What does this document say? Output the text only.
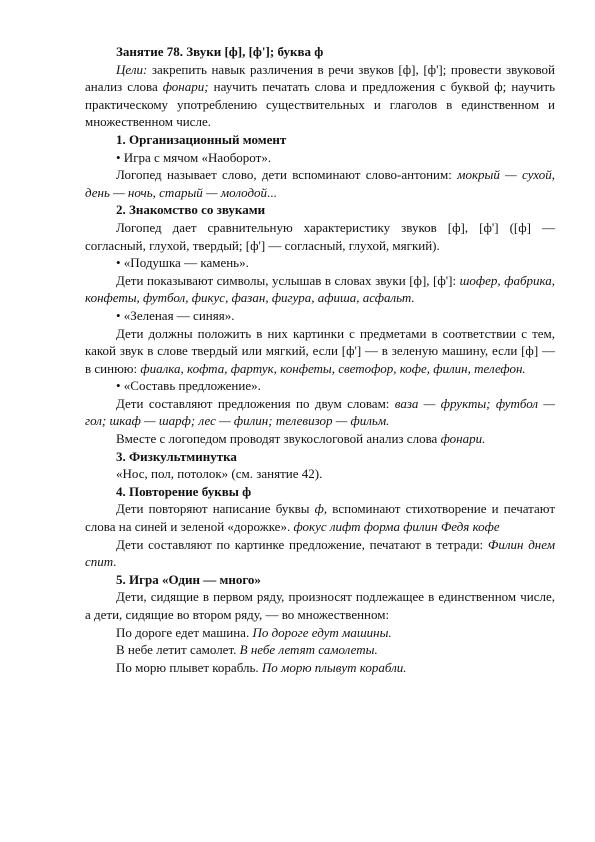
Занятие 78. Звуки [ф], [ф']; буква ф

Цели: закрепить навык различения в речи звуков [ф], [ф']; провести звуковой анализ слова фонари; научить печатать слова и предложения с буквой ф; научить практическому употреблению существительных и глаголов в единственном и множественном числе.

1. Организационный момент

• Игра с мячом «Наоборот».

Логопед называет слово, дети вспоминают слово-антоним: мокрый — сухой, день — ночь, старый — молодой...

2. Знакомство со звуками

Логопед дает сравнительную характеристику звуков [ф], [ф'] ([ф] — согласный, глухой, твердый; [ф'] — согласный, глухой, мягкий).

• «Подушка — камень».

Дети показывают символы, услышав в словах звуки [ф], [ф']: шофер, фабрика, конфеты, футбол, фикус, фазан, фигура, афиша, асфальт.

• «Зеленая — синяя».

Дети должны положить в них картинки с предметами в соответствии с тем, какой звук в слове твердый или мягкий, если [ф'] — в зеленую машину, если [ф] — в синюю: фиалка, кофта, фартук, конфеты, светофор, кофе, филин, телефон.

• «Составь предложение».

Дети составляют предложения по двум словам: ваза — фрукты; футбол — гол; шкаф — шарф; лес — филин; телевизор — фильм.

Вместе с логопедом проводят звукослоговой анализ слова фонари.

3. Физкультминутка

«Нос, пол, потолок» (см. занятие 42).

4. Повторение буквы ф

Дети повторяют написание буквы ф, вспоминают стихотворение и печатают слова на синей и зеленой «дорожке». фокус лифт форма филин Федя кофе

Дети составляют по картинке предложение, печатают в тетради: Филин днем спит.

5. Игра «Один — много»

Дети, сидящие в первом ряду, произносят подлежащее в единственном числе, а дети, сидящие во втором ряду, — во множественном:

По дороге едет машина. По дороге едут машины.

В небе летит самолет. В небе летят самолеты.

По морю плывет корабль. По морю плывут корабли.
